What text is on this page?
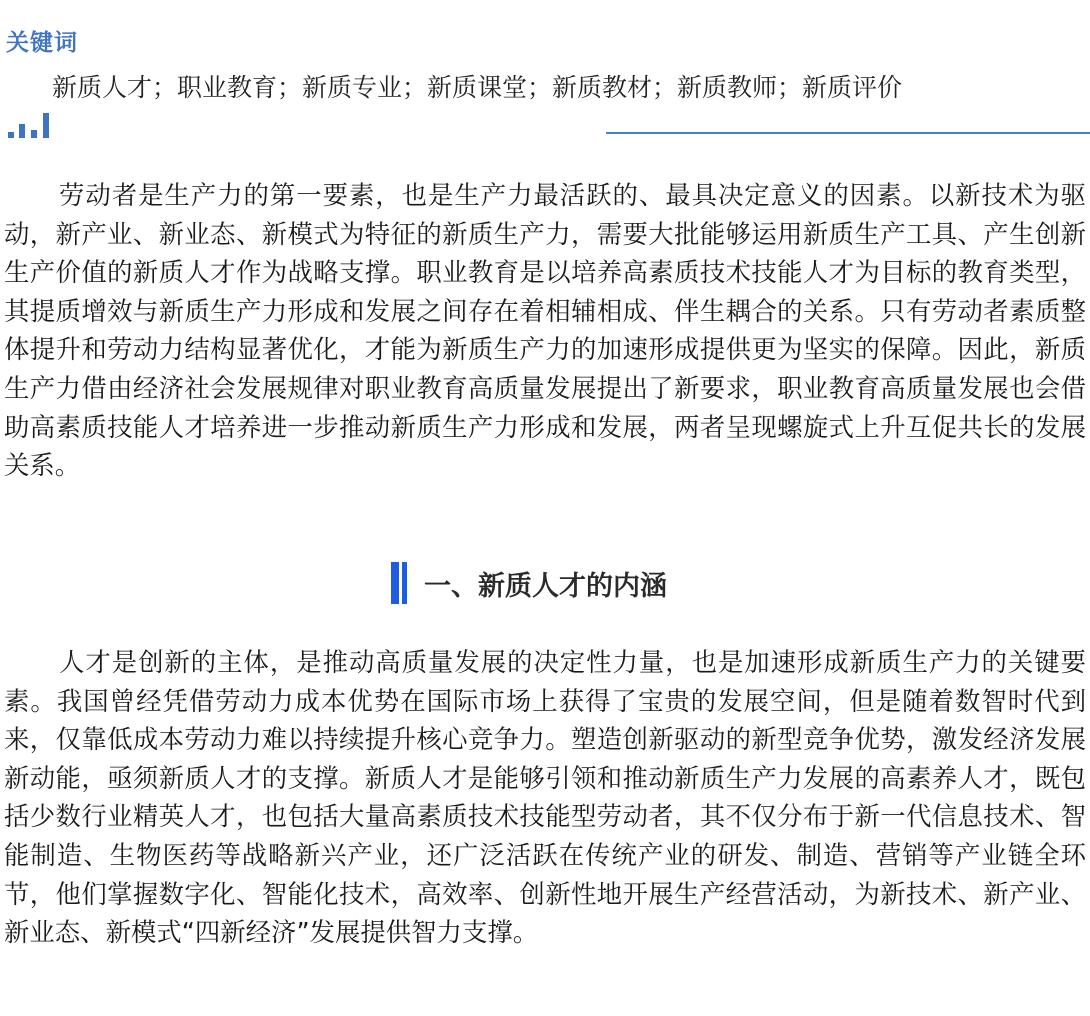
关键词
新质人才；职业教育；新质专业；新质课堂；新质教材；新质教师；新质评价

劳动者是生产力的第一要素，也是生产力最活跃的、最具决定意义的因素。以新技术为驱动，新产业、新业态、新模式为特征的新质生产力，需要大批能够运用新质生产工具、产生创新生产价值的新质人才作为战略支撑。职业教育是以培养高素质技术技能人才为目标的教育类型，其提质增效与新质生产力形成和发展之间存在着相辅相成、伴生耦合的关系。只有劳动者素质整体提升和劳动力结构显著优化，才能为新质生产力的加速形成提供更为坚实的保障。因此，新质生产力借由经济社会发展规律对职业教育高质量发展提出了新要求，职业教育高质量发展也会借助高素质技能人才培养进一步推动新质生产力形成和发展，两者呈现螺旋式上升互促共长的发展关系。

一、新质人才的内涵

人才是创新的主体，是推动高质量发展的决定性力量，也是加速形成新质生产力的关键要素。我国曾经凭借劳动力成本优势在国际市场上获得了宝贵的发展空间，但是随着数智时代到来，仅靠低成本劳动力难以持续提升核心竞争力。塑造创新驱动的新型竞争优势，激发经济发展新动能，亟须新质人才的支撑。新质人才是能够引领和推动新质生产力发展的高素养人才，既包括少数行业精英人才，也包括大量高素质技术技能型劳动者，其不仅分布于新一代信息技术、智能制造、生物医药等战略新兴产业，还广泛活跃在传统产业的研发、制造、营销等产业链全环节，他们掌握数字化、智能化技术，高效率、创新性地开展生产经营活动，为新技术、新产业、新业态、新模式“四新经济”发展提供智力支撑。
